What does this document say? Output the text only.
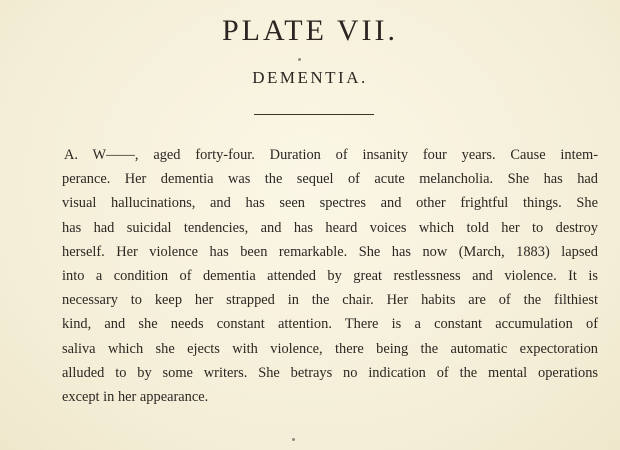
PLATE VII.
DEMENTIA.
A. W——, aged forty-four. Duration of insanity four years. Cause intem-
perance. Her dementia was the sequel of acute melancholia. She has had
visual hallucinations, and has seen spectres and other frightful things. She
has had suicidal tendencies, and has heard voices which told her to destroy
herself. Her violence has been remarkable. She has now (March, 1883) lapsed
into a condition of dementia attended by great restlessness and violence. It is
necessary to keep her strapped in the chair. Her habits are of the filthiest
kind, and she needs constant attention. There is a constant accumulation of
saliva which she ejects with violence, there being the automatic expectoration
alluded to by some writers. She betrays no indication of the mental operations
except in her appearance.
